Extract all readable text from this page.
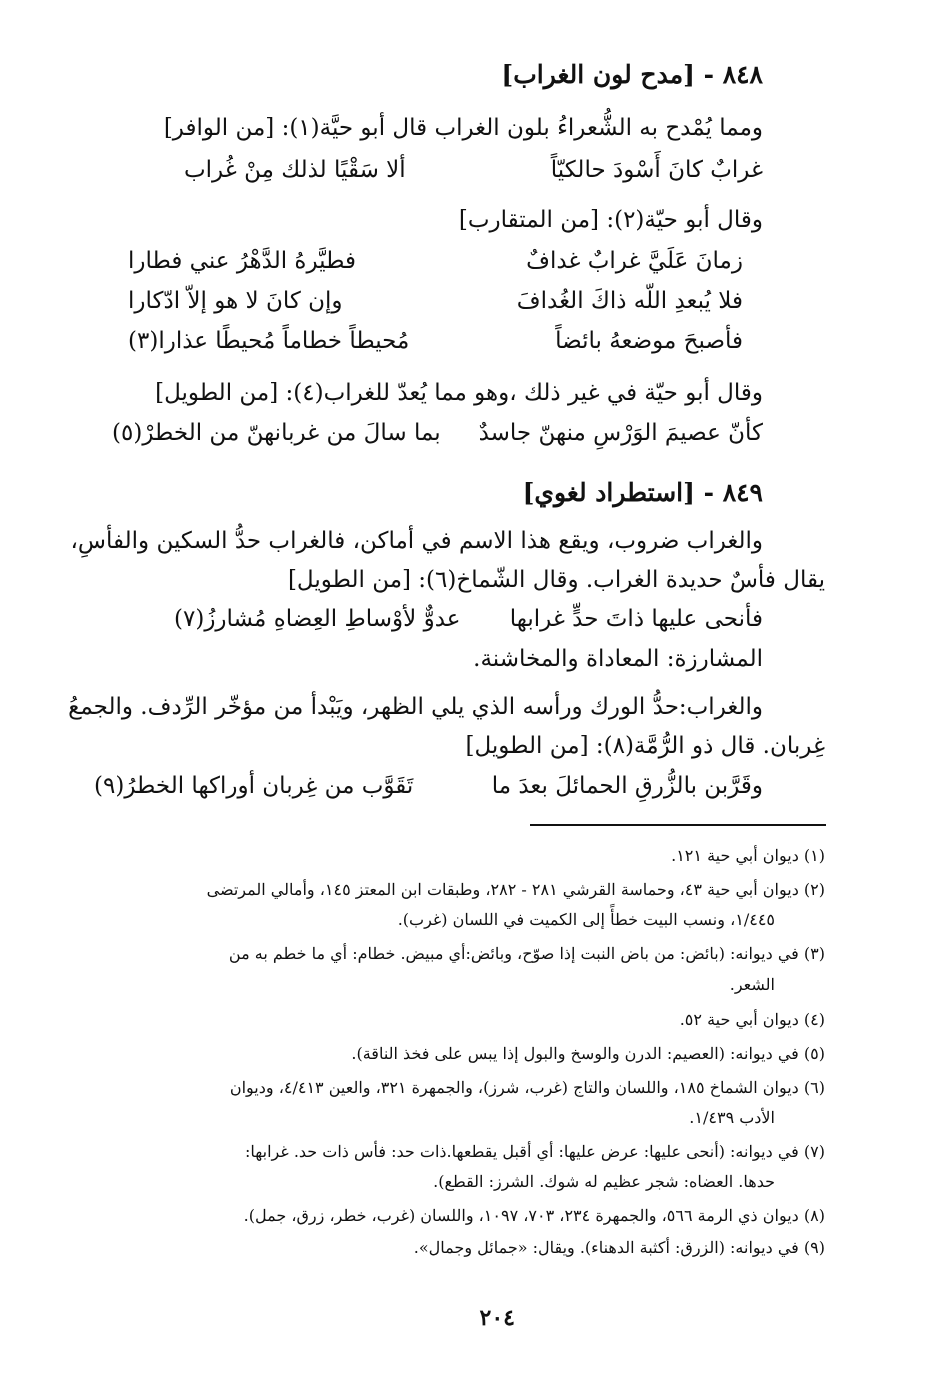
٨٤٨ - [مدح لون الغراب]
ومما يُمْدح به الشُّعراءُ بلون الغراب قال أبو حيَّة(١): [من الوافر]
غرابٌ كانَ أَسْودَ حالكيّاً
ألا سَقْيًا لذلك مِنْ غُراب
وقال أبو حيّة(٢): [من المتقارب]
زمانَ عَلَيَّ غرابٌ غدافٌ
فطيَّرهُ الدَّهْرُ عني فطارا
فلا يُبعدِ اللّه ذاكَ الغُدافَ
وإن كانَ لا هو إلاّ ادّكارا
فأصبحَ موضعهُ بائضاً
مُحيطاً خطاماً مُحيطًا عذارا(٣)
وقال أبو حيّة في غير ذلك ،وهو مما يُعدّ للغراب(٤): [من الطويل]
كأنّ عصيمَ الوَرْسِ منهنّ جاسدٌ
بما سالَ من غربانهنّ من الخطرْ(٥)
٨٤٩ - [استطراد لغوي]
والغراب ضروب، ويقع هذا الاسم في أماكن، فالغراب حدُّ السكين والفأسِ،
يقال فأسٌ حديدة الغراب. وقال الشّماخ(٦): [من الطويل]
فأنحى عليها ذاتَ حدٍّ غرابها
عدوٌّ لأوْساطِ العِضاهِ مُشارزُ(٧)
المشارزة: المعاداة والمخاشنة.
والغراب:حدُّ الورك ورأسه الذي يلي الظهر، ويَبْدأ من مؤخّر الرِّدف. والجمعُ
غِربان. قال ذو الرُّمَّة(٨): [من الطويل]
وقَرَّبن بالزُّرقِ الحمائلَ بعدَ ما
تَقَوَّب من غِربان أوراكها الخطرُ(٩)
(١) ديوان أبي حية ١٢١.
(٢) ديوان أبي حية ٤٣، وحماسة القرشي ٢٨١ - ٢٨٢، وطبقات ابن المعتز ١٤٥، وأمالي المرتضى
١/٤٤٥، ونسب البيت خطأً إلى الكميت في اللسان (غرب).
(٣) في ديوانه: (بائض: من باض النبت إذا صوّح، وبائض:أي مبيض. خطام: أي ما خطم به من
الشعر.
(٤) ديوان أبي حية ٥٢.
(٥) في ديوانه: (العصيم: الدرن والوسخ والبول إذا يبس على فخذ الناقة).
(٦) ديوان الشماخ ١٨٥، واللسان والتاج (غرب، شرز)، والجمهرة ٣٢١، والعين ٤/٤١٣، وديوان
الأدب ١/٤٣٩.
(٧) في ديوانه: (أنحى عليها: عرض عليها: أي أقبل يقطعها.ذات حد: فأس ذات حد. غرابها:
حدها. العضاه: شجر عظيم له شوك. الشرز: القطع).
(٨) ديوان ذي الرمة ٥٦٦، والجمهرة ٢٣٤، ٧٠٣، ١٠٩٧، واللسان (غرب، خطر، زرق، جمل).
(٩) في ديوانه: (الزرق: أكثبة الدهناء). ويقال: «جمائل وجمال».
٢٠٤
